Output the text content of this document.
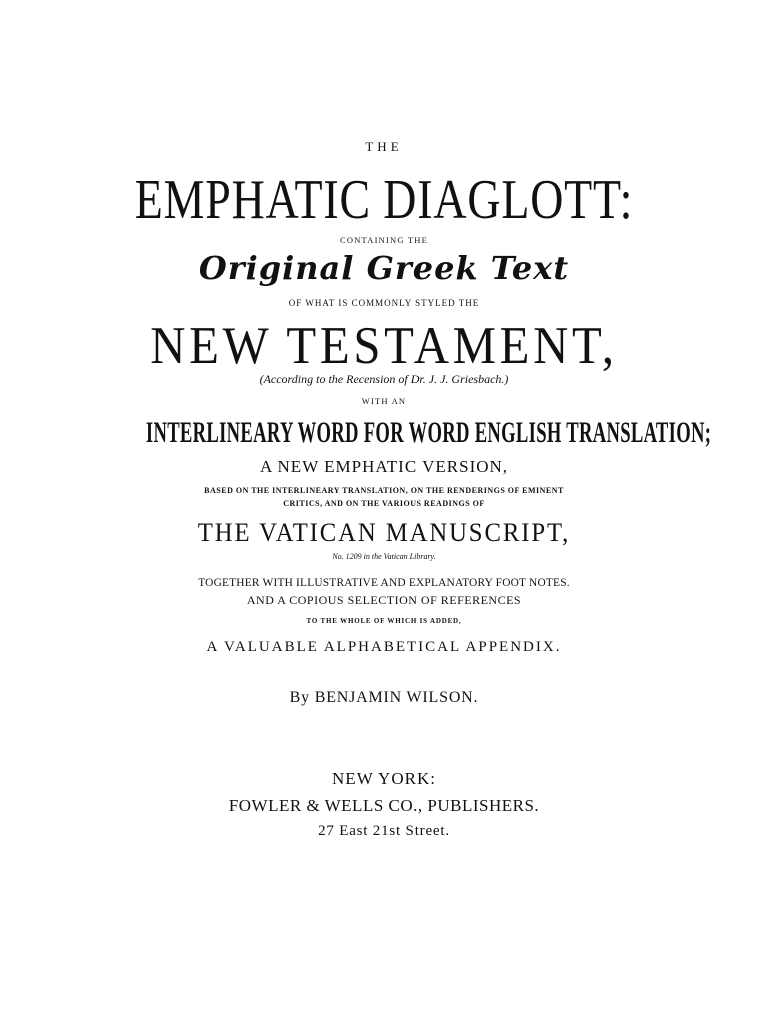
THE
EMPHATIC DIAGLOTT:
CONTAINING THE
Original Greek Text
OF WHAT IS COMMONLY STYLED THE
NEW TESTAMENT,
(According to the Recension of Dr. J. J. Griesbach.)
WITH AN
INTERLINEARY WORD FOR WORD ENGLISH TRANSLATION;
A NEW EMPHATIC VERSION,
BASED ON THE INTERLINEARY TRANSLATION, ON THE RENDERINGS OF EMINENT
CRITICS, AND ON THE VARIOUS READINGS OF
THE VATICAN MANUSCRIPT,
No. 1209 in the Vatican Library.
TOGETHER WITH ILLUSTRATIVE AND EXPLANATORY FOOT NOTES.
AND A COPIOUS SELECTION OF REFERENCES
TO THE WHOLE OF WHICH IS ADDED,
A VALUABLE ALPHABETICAL APPENDIX.
By BENJAMIN WILSON.
NEW YORK:
FOWLER & WELLS CO., PUBLISHERS.
27 East 21st Street.
